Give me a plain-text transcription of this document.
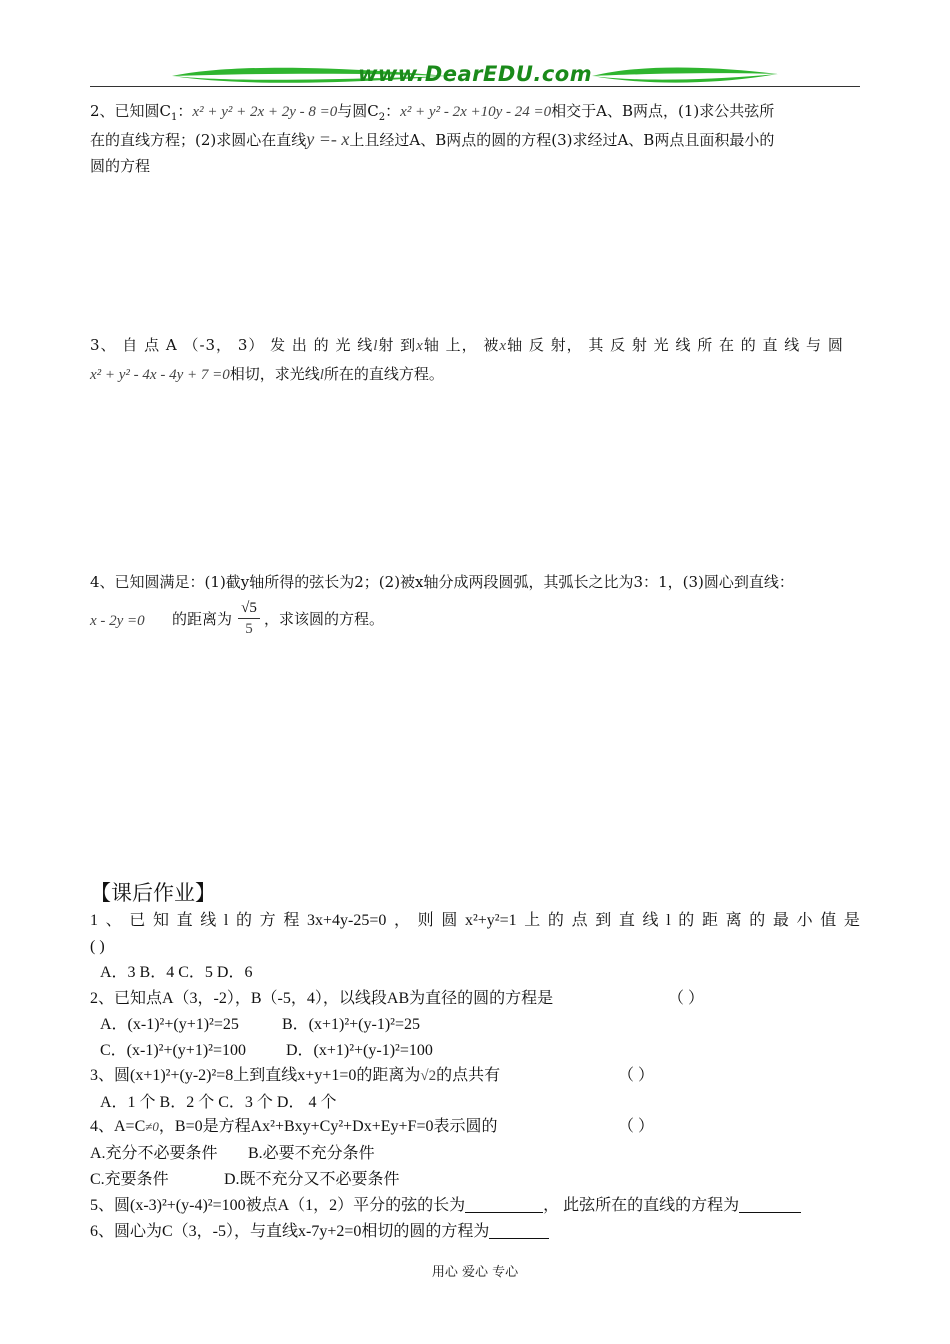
www.DearEDU.com
2、已知圆$C_1$：x² + y² + 2x + 2y - 8 =0与圆$C_2$：x² + y² - 2x +10y - 24 =0相交于A、B两点，(1)求公共弦所
在的直线方程；(2)求圆心在直线y =- x上且经过A、B两点的圆的方程(3)求经过A、B两点且面积最小的
圆的方程
3、 自 点 A （-3， 3） 发 出 的 光 线l射 到x轴 上， 被x轴 反 射， 其 反 射 光 线 所 在 的 直 线 与 圆
x² + y² - 4x - 4y + 7 =0相切，求光线l所在的直线方程。
4、已知圆满足：(1)截y轴所得的弦长为2；(2)被x轴分成两段圆弧，其弧长之比为3：1，(3)圆心到直线：
x - 2y =0 的距离为 $\frac{√5}{5}$ ，求该圆的方程。
【课后作业】
1 、 已 知 直 线 l 的 方 程 3x+4y-25=0 ， 则 圆 x²+y²=1 上 的 点 到 直 线 l 的 距 离 的 最 小 值 是
( )
A．3 B．4 C．5 D．6
2、已知点A（3，-2），B（-5，4），以线段AB为直径的圆的方程是	（ ）
A．(x-1)²+(y+1)²=25	B．(x+1)²+(y-1)²=25
C．(x-1)²+(y+1)²=100	D．(x+1)²+(y-1)²=100
3、圆(x+1)²+(y-2)²=8上到直线x+y+1=0的距离为√2的点共有	（ ）
A．1 个 B．2 个 C．3 个 D． 4 个
4、A=C≠0，B=0是方程Ax²+Bxy+Cy²+Dx+Ey+F=0表示圆的	（ ）
A.充分不必要条件 B.必要不充分条件
C.充要条件	D.既不充分又不必要条件
5、圆(x-3)²+(y-4)²=100被点A（1，2）平分的弦的长为	， 此弦所在的直线的方程为
6、圆心为C（3，-5），与直线x-7y+2=0相切的圆的方程为
用心 爱心 专心
